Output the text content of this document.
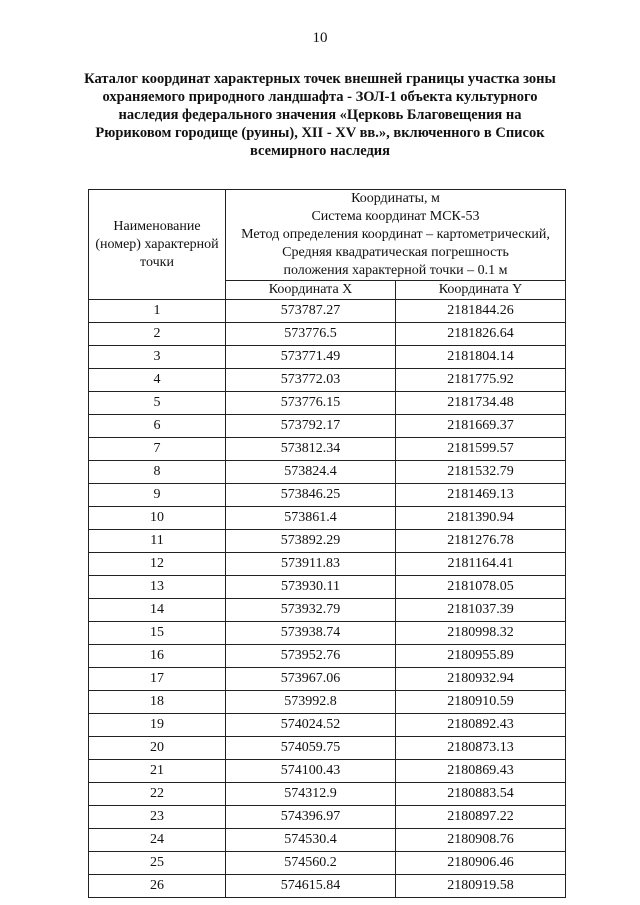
10
Каталог координат характерных точек внешней границы участка зоны охраняемого природного ландшафта - ЗОЛ-1 объекта культурного наследия федерального значения «Церковь Благовещения на Рюриковом городище (руины), XII - XV вв.», включенного в Список всемирного наследия
Наименование (номер) характерной точки	Координаты, м
Система координат МСК-53
Метод определения координат – картометрический,
Средняя квадратическая погрешность
положения характерной точки – 0.1 м	

	Координата X	Координата Y
1	573787.27	2181844.26
2	573776.5	2181826.64
3	573771.49	2181804.14
4	573772.03	2181775.92
5	573776.15	2181734.48
6	573792.17	2181669.37
7	573812.34	2181599.57
8	573824.4	2181532.79
9	573846.25	2181469.13
10	573861.4	2181390.94
11	573892.29	2181276.78
12	573911.83	2181164.41
13	573930.11	2181078.05
14	573932.79	2181037.39
15	573938.74	2180998.32
16	573952.76	2180955.89
17	573967.06	2180932.94
18	573992.8	2180910.59
19	574024.52	2180892.43
20	574059.75	2180873.13
21	574100.43	2180869.43
22	574312.9	2180883.54
23	574396.97	2180897.22
24	574530.4	2180908.76
25	574560.2	2180906.46
26	574615.84	2180919.58
